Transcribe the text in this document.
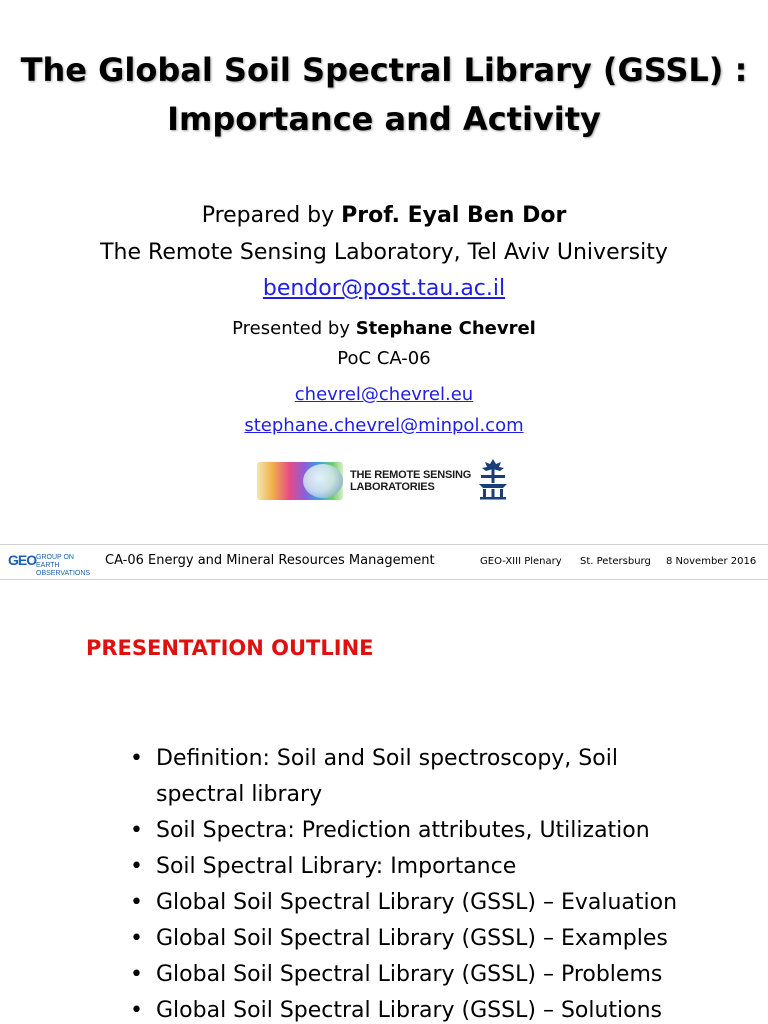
The Global Soil Spectral Library (GSSL) :
Importance and Activity
Prepared by Prof. Eyal Ben Dor
The Remote Sensing Laboratory, Tel Aviv University
bendor@post.tau.ac.il
Presented by Stephane Chevrel
PoC CA-06
chevrel@chevrel.eu
stephane.chevrel@minpol.com
THE REMOTE SENSING
LABORATORIES
GEO GROUP ON
EARTH OBSERVATIONS
CA-06 Energy and Mineral Resources Management	GEO-XIII Plenary St. Petersburg 8 November 2016
PRESENTATION OUTLINE
• Definition: Soil and Soil spectroscopy, Soil
spectral library
• Soil Spectra: Prediction attributes, Utilization
• Soil Spectral Library: Importance
• Global Soil Spectral Library (GSSL) – Evaluation
• Global Soil Spectral Library (GSSL) – Examples
• Global Soil Spectral Library (GSSL) – Problems
• Global Soil Spectral Library (GSSL) – Solutions
